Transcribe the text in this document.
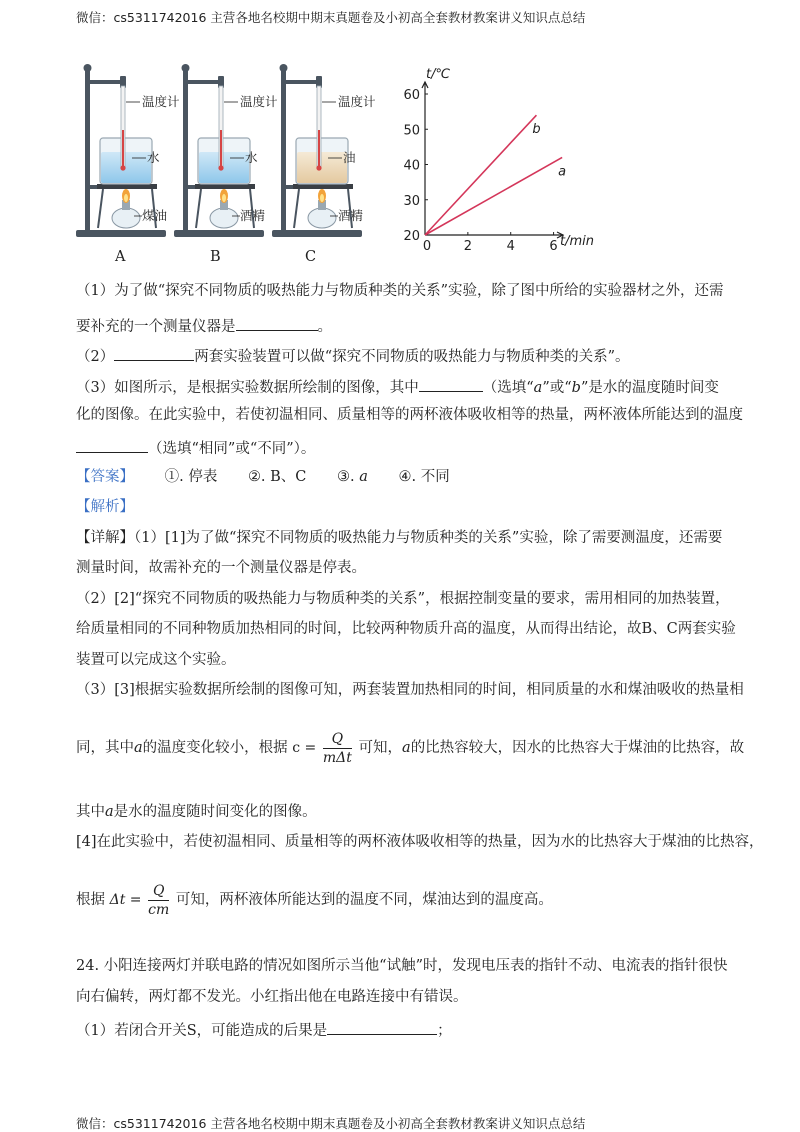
微信：cs5311742016 主营各地名校期中期末真题卷及小初高全套教材教案讲义知识点总结
温度计
水
煤油
温度计
水
酒精
温度计
油
酒精
t/℃
60
50
40
30
20
0	2	4	6
b
a
t/min
A	B	C
（1）为了做“探究不同物质的吸热能力与物质种类的关系”实验，除了图中所给的实验器材之外，还需
要补充的一个测量仪器是	。
（2）	两套实验装置可以做“探究不同物质的吸热能力与物质种类的关系”。
（3）如图所示，是根据实验数据所绘制的图像，其中	（选填“a”或“b”是水的温度随时间变
化的图像。在此实验中，若使初温相同、质量相等的两杯液体吸收相等的热量，两杯液体所能达到的温度
（选填“相同”或“不同”）。
【答案】 ①. 停表 ②. B、C ③. a ④. 不同
【解析】
【详解】（1）[1]为了做“探究不同物质的吸热能力与物质种类的关系”实验，除了需要测温度，还需要
测量时间，故需补充的一个测量仪器是停表。
（2）[2]“探究不同物质的吸热能力与物质种类的关系”，根据控制变量的要求，需用相同的加热装置，
给质量相同的不同种物质加热相同的时间，比较两种物质升高的温度，从而得出结论，故B、C两套实验
装置可以完成这个实验。
（3）[3]根据实验数据所绘制的图像可知，两套装置加热相同的时间，相同质量的水和煤油吸收的热量相
同，其中a的温度变化较小，根据 $c = \frac{Q}{\text{mΔt}}$ 可知，a的比热容较大，因水的比热容大于煤油的比热容，故
其中a是水的温度随时间变化的图像。
[4]在此实验中，若使初温相同、质量相等的两杯液体吸收相等的热量，因为水的比热容大于煤油的比热容，
根据 $\Delta t = \frac{Q}{cm}$ 可知，两杯液体所能达到的温度不同，煤油达到的温度高。
24. 小阳连接两灯并联电路的情况如图所示当他“试触”时，发现电压表的指针不动、电流表的指针很快
向右偏转，两灯都不发光。小红指出他在电路连接中有错误。
（1）若闭合开关S，可能造成的后果是	；
微信：cs5311742016 主营各地名校期中期末真题卷及小初高全套教材教案讲义知识点总结
